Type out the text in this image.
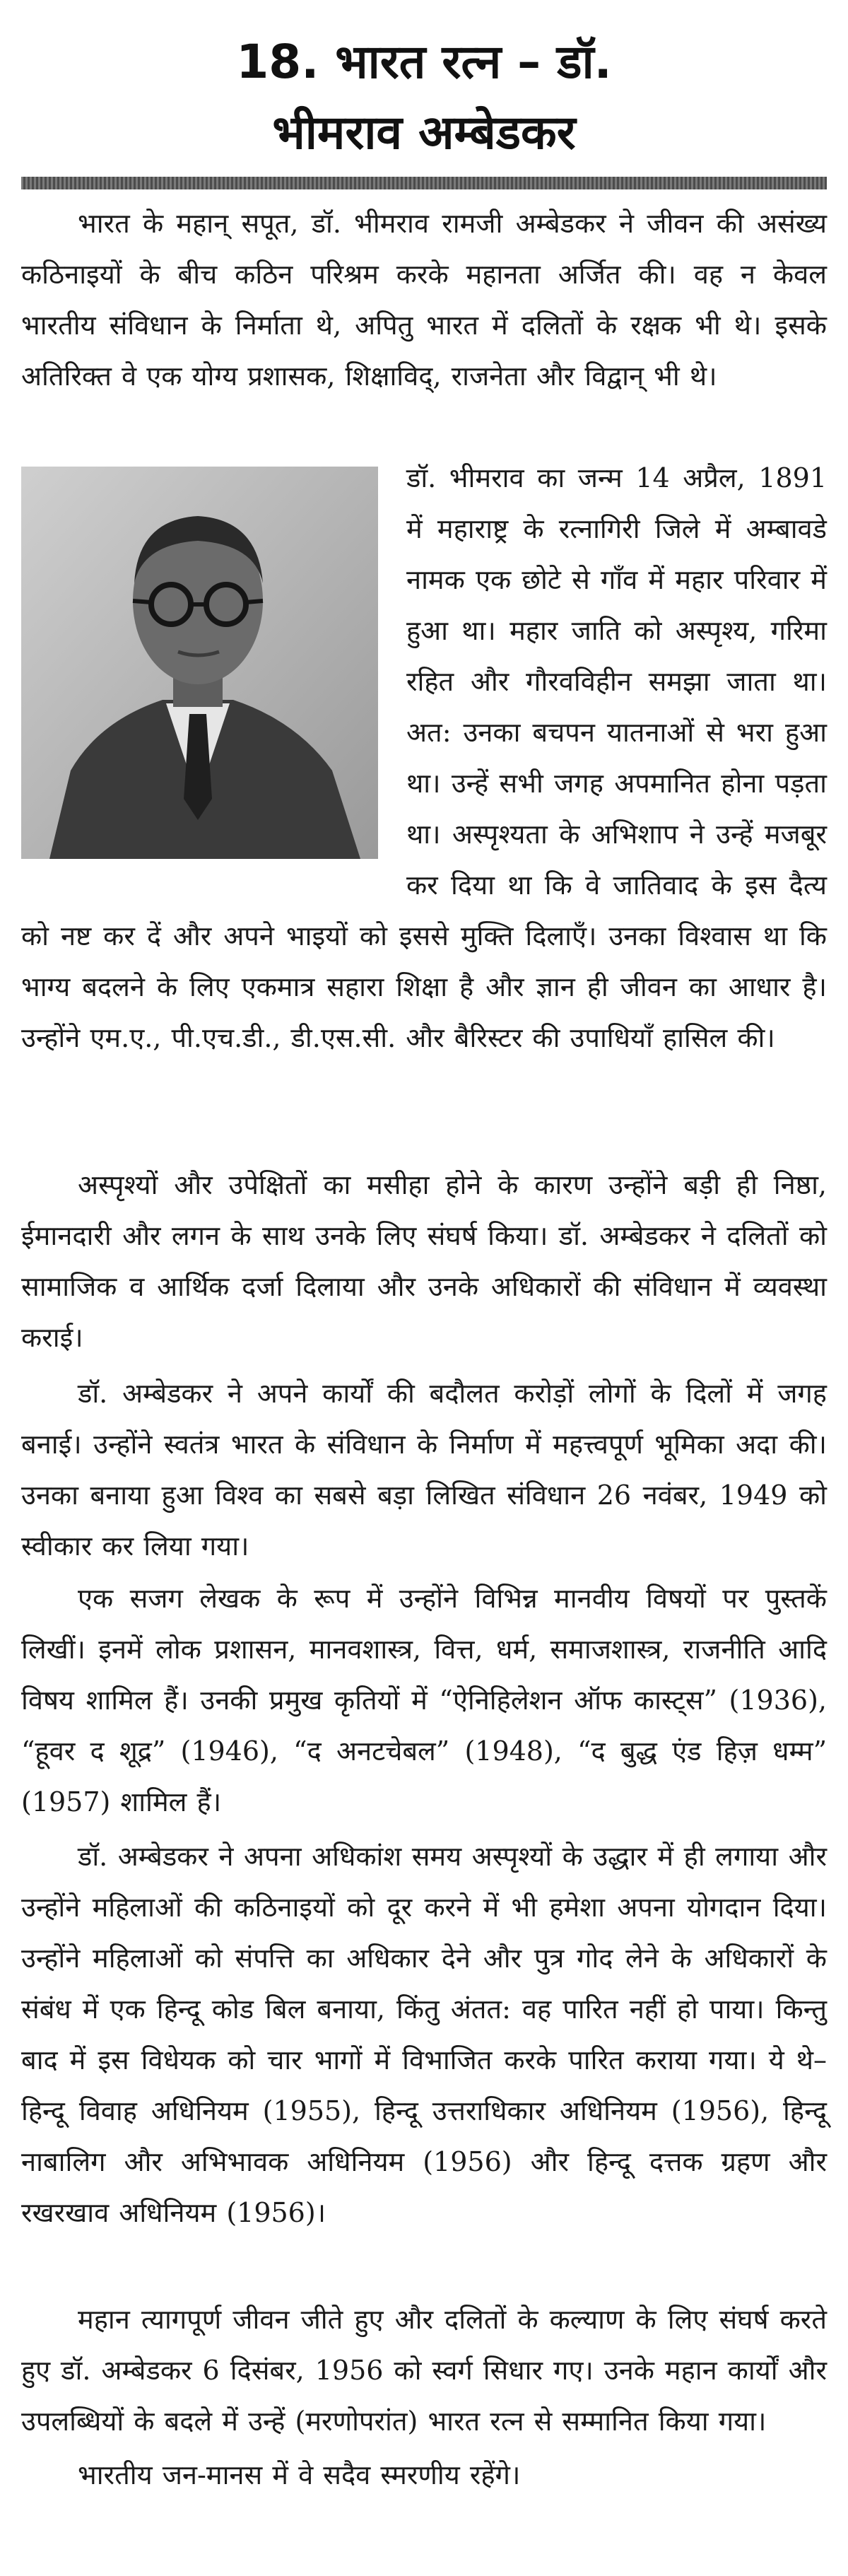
18. भारत रत्न – डॉ.
भीमराव अम्बेडकर

भारत के महान् सपूत, डॉ. भीमराव रामजी अम्बेडकर ने जीवन की असंख्य कठिनाइयों के बीच कठिन परिश्रम करके महानता अर्जित की। वह न केवल भारतीय संविधान के निर्माता थे, अपितु भारत में दलितों के रक्षक भी थे। इसके अतिरिक्त वे एक योग्य प्रशासक, शिक्षाविद्, राजनेता और विद्वान् भी थे।

डॉ. भीमराव का जन्म 14 अप्रैल, 1891 में महाराष्ट्र के रत्नागिरी जिले में अम्बावडे नामक एक छोटे से गाँव में महार परिवार में हुआ था। महार जाति को अस्पृश्य, गरिमा रहित और गौरवविहीन समझा जाता था। अत: उनका बचपन यातनाओं से भरा हुआ था। उन्हें सभी जगह अपमानित होना पड़ता था। अस्पृश्यता के अभिशाप ने उन्हें मजबूर कर दिया था कि वे जातिवाद के इस दैत्य को नष्ट कर दें और अपने भाइयों को इससे मुक्ति दिलाएँ। उनका विश्वास था कि भाग्य बदलने के लिए एकमात्र सहारा शिक्षा है और ज्ञान ही जीवन का आधार है। उन्होंने एम.ए., पी.एच.डी., डी.एस.सी. और बैरिस्टर की उपाधियाँ हासिल की।

अस्पृश्यों और उपेक्षितों का मसीहा होने के कारण उन्होंने बड़ी ही निष्ठा, ईमानदारी और लगन के साथ उनके लिए संघर्ष किया। डॉ. अम्बेडकर ने दलितों को सामाजिक व आर्थिक दर्जा दिलाया और उनके अधिकारों की संविधान में व्यवस्था कराई।

डॉ. अम्बेडकर ने अपने कार्यों की बदौलत करोड़ों लोगों के दिलों में जगह बनाई। उन्होंने स्वतंत्र भारत के संविधान के निर्माण में महत्त्वपूर्ण भूमिका अदा की। उनका बनाया हुआ विश्व का सबसे बड़ा लिखित संविधान 26 नवंबर, 1949 को स्वीकार कर लिया गया।

एक सजग लेखक के रूप में उन्होंने विभिन्न मानवीय विषयों पर पुस्तकें लिखीं। इनमें लोक प्रशासन, मानवशास्त्र, वित्त, धर्म, समाजशास्त्र, राजनीति आदि विषय शामिल हैं। उनकी प्रमुख कृतियों में “ऐनिहिलेशन ऑफ कास्ट्स” (1936), “हूवर द शूद्र” (1946), “द अनटचेबल” (1948), “द बुद्ध एंड हिज़ धम्म” (1957) शामिल हैं।

डॉ. अम्बेडकर ने अपना अधिकांश समय अस्पृश्यों के उद्धार में ही लगाया और उन्होंने महिलाओं की कठिनाइयों को दूर करने में भी हमेशा अपना योगदान दिया। उन्होंने महिलाओं को संपत्ति का अधिकार देने और पुत्र गोद लेने के अधिकारों के संबंध में एक हिन्दू कोड बिल बनाया, किंतु अंतत: वह पारित नहीं हो पाया। किन्तु बाद में इस विधेयक को चार भागों में विभाजित करके पारित कराया गया। ये थे–हिन्दू विवाह अधिनियम (1955), हिन्दू उत्तराधिकार अधिनियम (1956), हिन्दू नाबालिग और अभिभावक अधिनियम (1956) और हिन्दू दत्तक ग्रहण और रखरखाव अधिनियम (1956)।

महान त्यागपूर्ण जीवन जीते हुए और दलितों के कल्याण के लिए संघर्ष करते हुए डॉ. अम्बेडकर 6 दिसंबर, 1956 को स्वर्ग सिधार गए। उनके महान कार्यों और उपलब्धियों के बदले में उन्हें (मरणोपरांत) भारत रत्न से सम्मानित किया गया।

भारतीय जन-मानस में वे सदैव स्मरणीय रहेंगे।
